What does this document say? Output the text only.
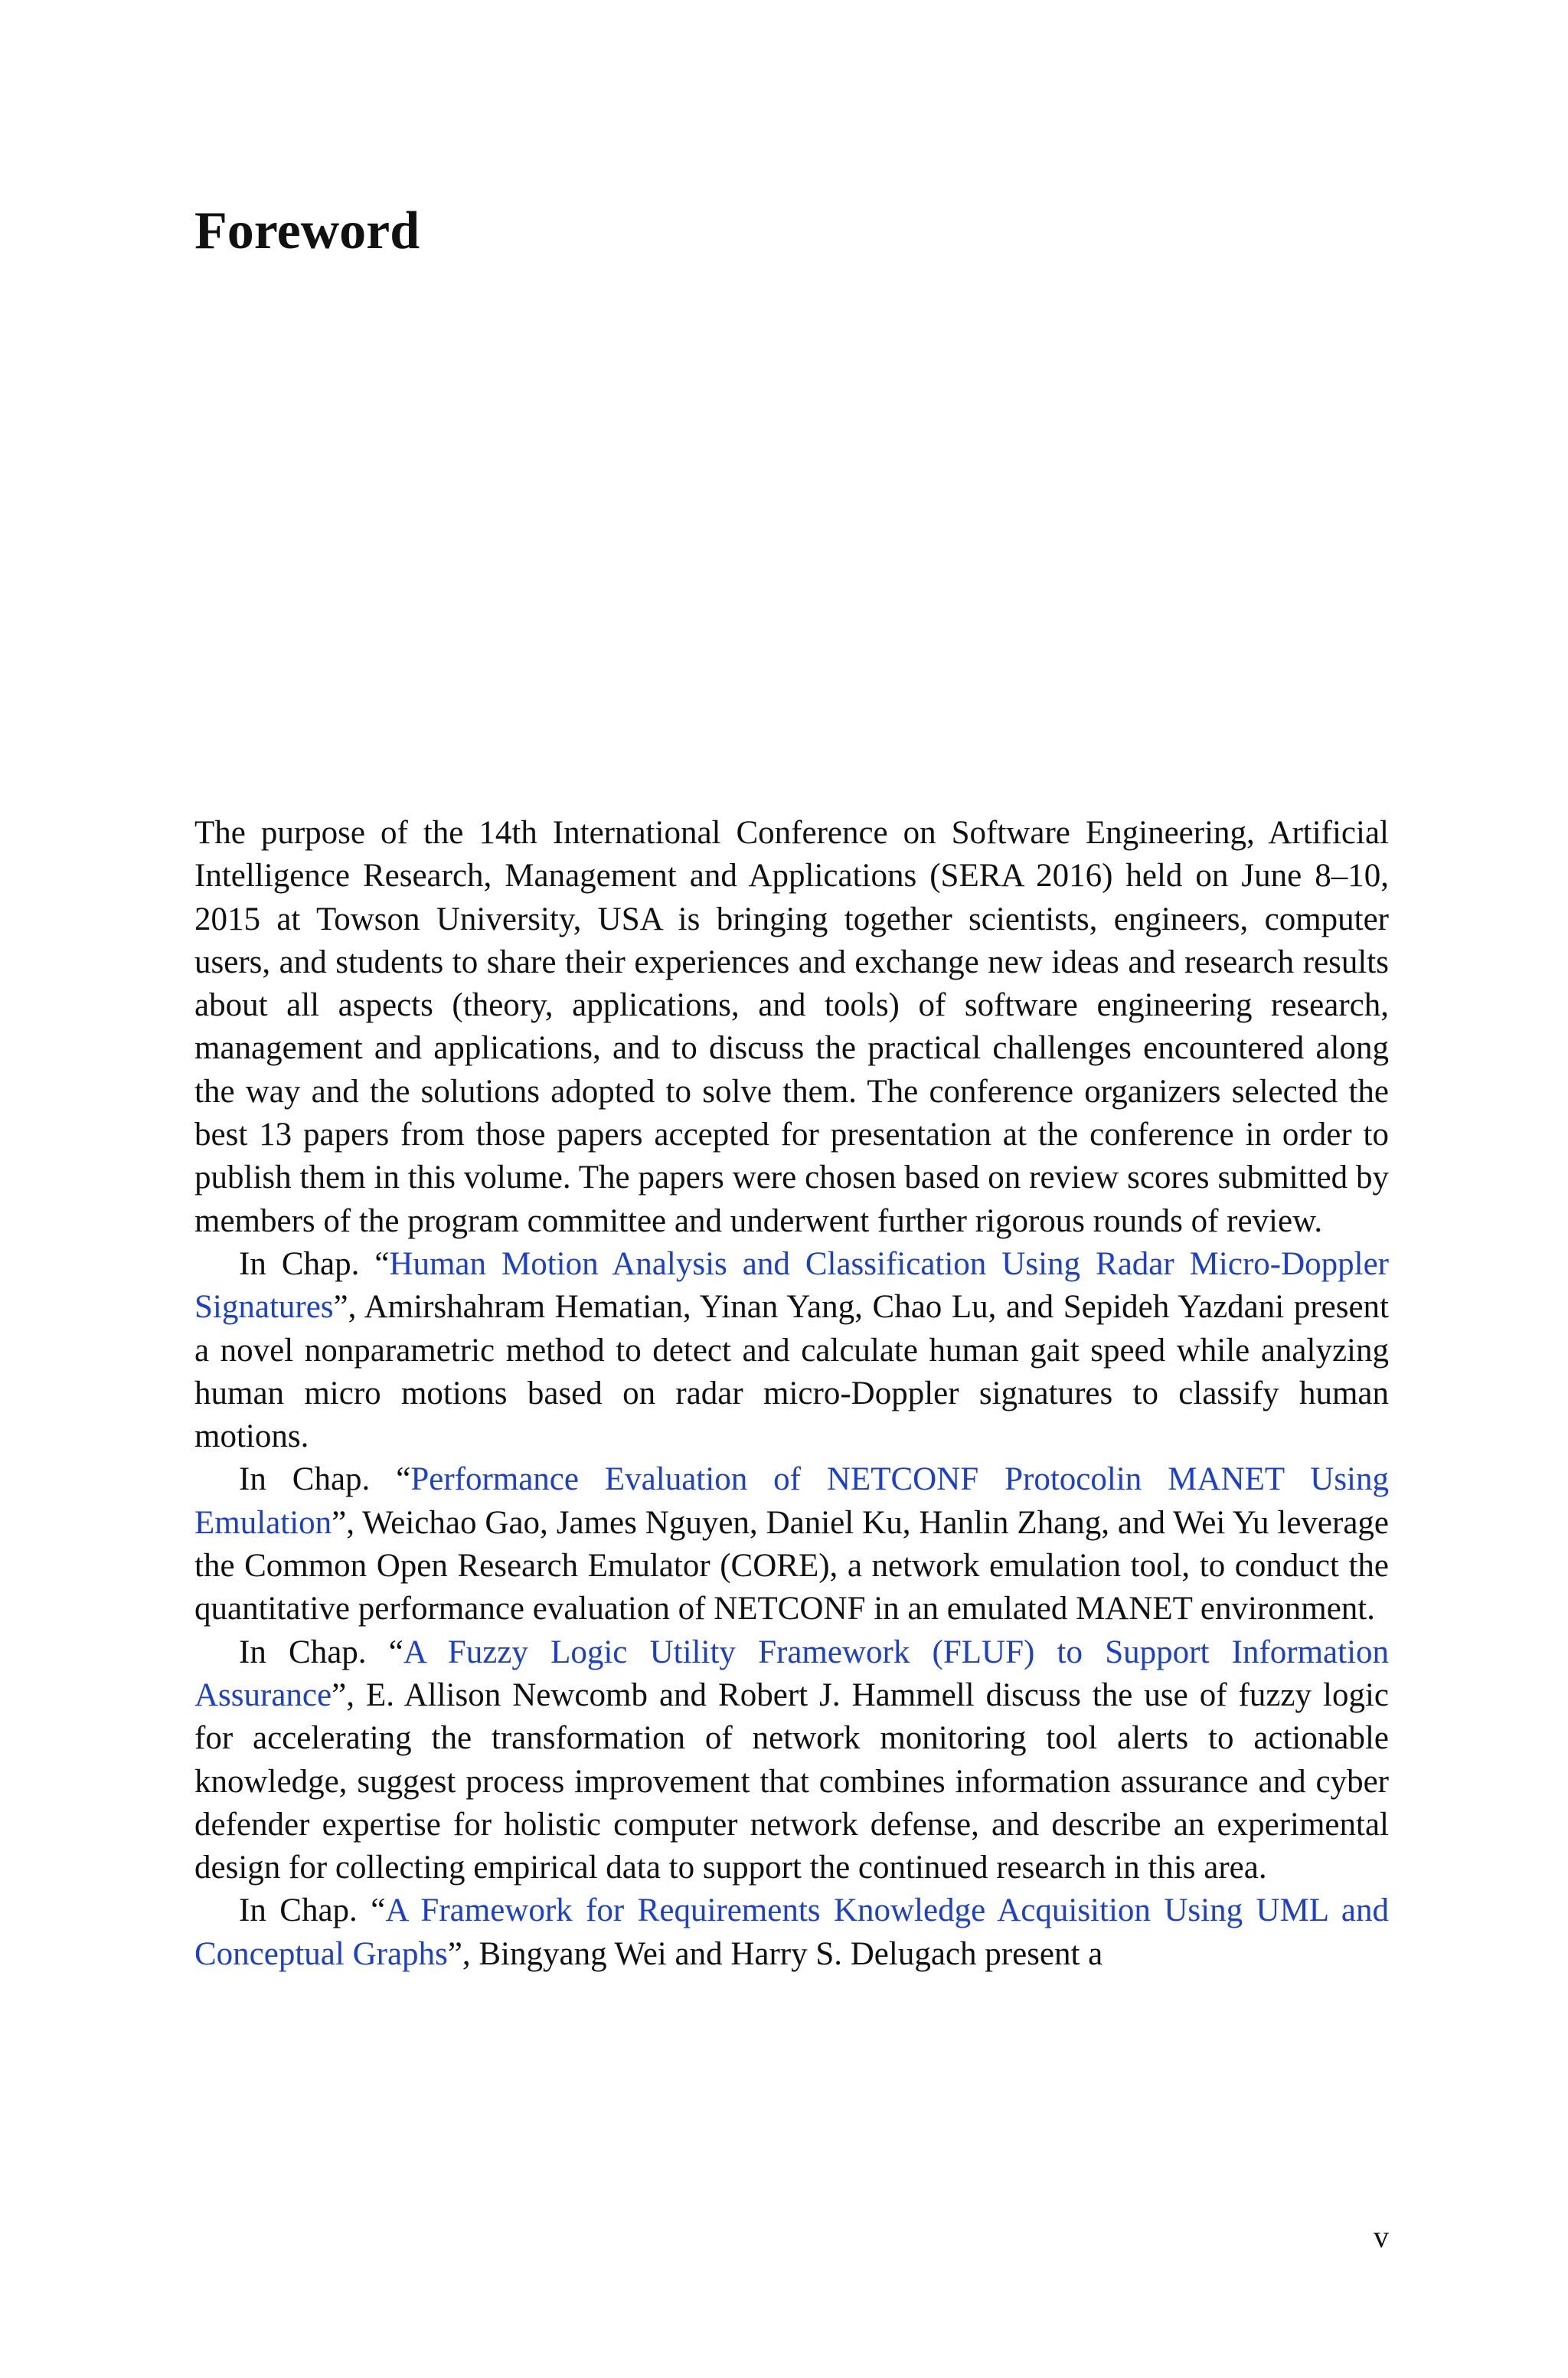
Foreword

The purpose of the 14th International Conference on Software Engineering, Artificial Intelligence Research, Management and Applications (SERA 2016) held on June 8–10, 2015 at Towson University, USA is bringing together scientists, engineers, computer users, and students to share their experiences and exchange new ideas and research results about all aspects (theory, applications, and tools) of software engineering research, management and applications, and to discuss the practical challenges encountered along the way and the solutions adopted to solve them. The conference organizers selected the best 13 papers from those papers accepted for presentation at the conference in order to publish them in this volume. The papers were chosen based on review scores submitted by members of the program committee and underwent further rigorous rounds of review.

In Chap. “Human Motion Analysis and Classification Using Radar Micro-Doppler Signatures”, Amirshahram Hematian, Yinan Yang, Chao Lu, and Sepideh Yazdani present a novel nonparametric method to detect and calculate human gait speed while analyzing human micro motions based on radar micro-Doppler signatures to classify human motions.

In Chap. “Performance Evaluation of NETCONF Protocolin MANET Using Emulation”, Weichao Gao, James Nguyen, Daniel Ku, Hanlin Zhang, and Wei Yu leverage the Common Open Research Emulator (CORE), a network emulation tool, to conduct the quantitative performance evaluation of NETCONF in an emulated MANET environment.

In Chap. “A Fuzzy Logic Utility Framework (FLUF) to Support Information Assurance”, E. Allison Newcomb and Robert J. Hammell discuss the use of fuzzy logic for accelerating the transformation of network monitoring tool alerts to actionable knowledge, suggest process improvement that combines information assurance and cyber defender expertise for holistic computer network defense, and describe an experimental design for collecting empirical data to support the continued research in this area.

In Chap. “A Framework for Requirements Knowledge Acquisition Using UML and Conceptual Graphs”, Bingyang Wei and Harry S. Delugach present a

v
